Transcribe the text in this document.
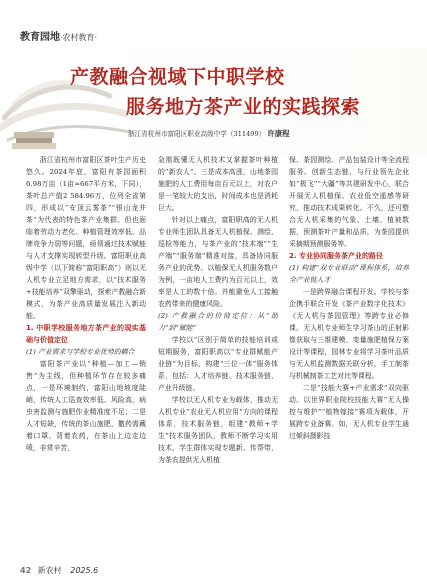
教育园地·农村教育·
产教融合视域下中职学校
服务地方茶产业的实践探索
浙江省杭州市富阳区职业高级中学（311499） 许康程

浙江省杭州市富阳区茶叶生产历史悠久。2024年底，富阳有茶园面积6.98万亩（1亩≈667平方米，下同），茶叶总产值2 584.96万，位列全省第四，形成以“安顶云雾茶”“银山龙井茶”为代表的特色茶产业集群。但也面临着劳动力老化、种植管理效率低、品牌竞争力弱等问题，亟须通过技术赋能与人才支撑实现转型升级。富阳职业高级中学（以下简称“富阳职高”）则以无人机专业立足地方需求，以“技术服务+技能培养”双擎驱动，探索产教融合新模式，为茶产业高质量发展注入新动能。

1. 中职学校服务地方茶产业的现实基础与价值定位

(1) 产业需求与学校专业优势的耦合

富阳茶产业以“种植—加工—销售”为主线，但种植环节存在较多痛点，一是环境制约，富阳山地坡度陡峭，传统人工巡查效率低、风险高，病虫害监测与施肥作业精准度不足；二是人才短缺，传统的茶山施肥、撒药需藏着口罩、背着农药，在茶山上边走边喷，非常辛苦，

急需既懂无人机技术又掌握茶叶种植的“新农人”。三是成本高涨，山地茶园施肥的人工费用每亩百元以上，对农户是一笔较大的支出，时间成本也是消耗巨大。

针对以上痛点，富阳职高的无人机专业师生团队具备无人机植保、测绘、巡检等能力，与茶产业的“技术端”“生产端”“服务端”精准对接，具备协同服务产业的优势。以植保无人机服务数户为例，一亩地人工费约为百元以上，效率是人工的数十倍。并能避免人工接触农药带来的健康风险。

(2) 产教融合的价值定位：从“助力”到“赋能”

学校以“区别于简单的技能培训或短期服务，富阳职高以“专业群赋能产业链”为目标，构建“三位一体”服务体系，包括：人才培养链、技术服务链、产业升级链。

学校以无人机专业为载体，推动无人机专业“农业无人机应用”方向的课程体系，技术服务链，组建“教师+学生”技术服务团队，教师不断学习实用技术，学生群体实现专题新、传帮带，为茶农提供无人机植

保、茶园测绘、产品包装设计等全流程服务。创新生态链，与行业领先企业如“极飞”“大疆”等共建研发中心，联合开展无人机植保、农业低空遥感等研究，推动技术成果转化。不久，还可整合无人机采集的气象、土壤、植被数据，预测茶叶产量和品质，为茶园提供采摘期预测服务等。

2. 专业协同服务茶产业的路径

(1) 构建“双专业联动”课程体系，培养全产业链人才

一是跨界融合课程开发。学校与茶企携手联合开发《茶产业数字化技术》《无人机与茶园管理》等跨专业必修课。无人机专业师生学习茶山的正射影像获取与三维建模、变量施肥植保方案设计等课程，园林专业将学习茶叶品质与无人机监测数据关联分析，手工制茶与机械制茶工艺对比等课程。

二是“技能大赛+产业需求”双向驱动。以世界职业院校技能大赛“无人操控与维护”“植物嫁接”赛项为载体，开展跨专业备赛。如，无人机专业学生通过倾斜摄影技

42 新农村 2025.6
